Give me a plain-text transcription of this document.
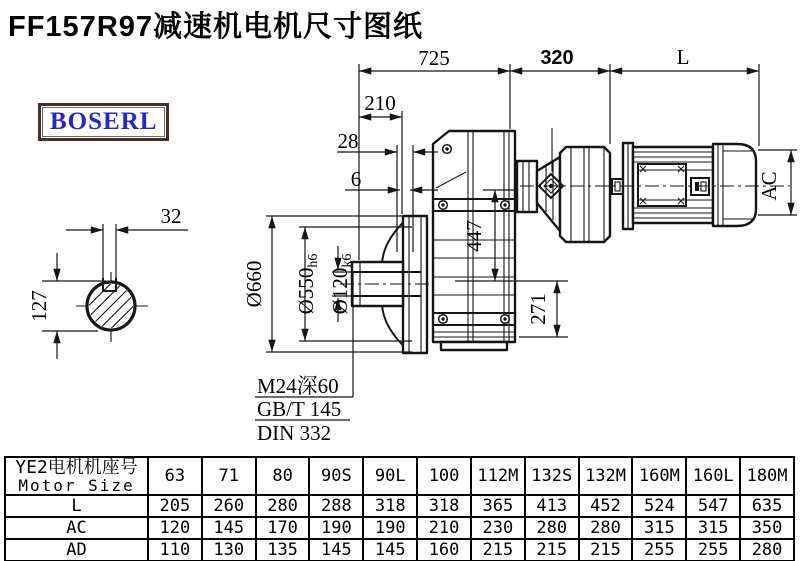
FF157R97减速机电机尺寸图纸
BOSERL
725	320	L
210
28
6
Ø660 Ø550h6
Ø120k6
447
271
AC
32
127
M24深60
GB/T 145
DIN 332
YE2电机机座号
Motor Size	63	71	80	90S	90L	100	112M	132S	132M	160M	160L	180M
L	205	260	280	288	318	318	365	413	452	524	547	635
AC	120	145	170	190	190	210	230	280	280	315	315	350
AD	110	130	135	145	145	160	215	215	215	255	255	280
